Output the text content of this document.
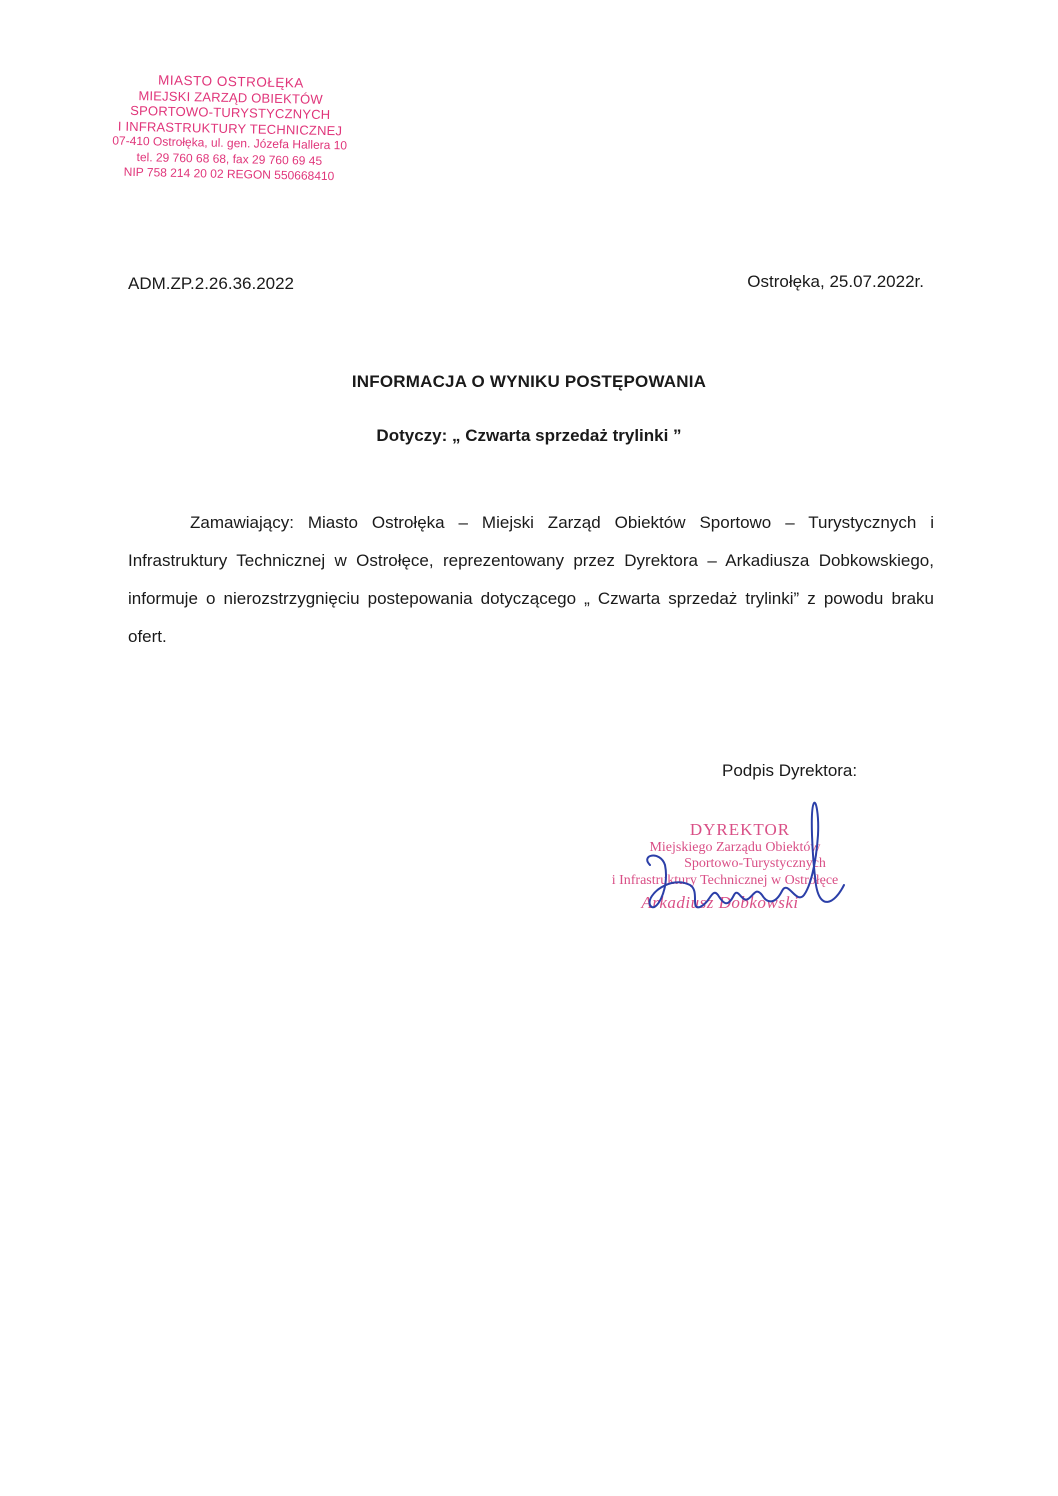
MIASTO OSTROŁĘKA
MIEJSKI ZARZĄD OBIEKTÓW
SPORTOWO-TURYSTYCZNYCH
I INFRASTRUKTURY TECHNICZNEJ
07-410 Ostrołęka, ul. gen. Józefa Hallera 10
tel. 29 760 68 68, fax 29 760 69 45
NIP 758 214 20 02 REGON 550668410
ADM.ZP.2.26.36.2022	Ostrołęka, 25.07.2022r.
INFORMACJA O WYNIKU POSTĘPOWANIA
Dotyczy: „ Czwarta sprzedaż trylinki ”
Zamawiający: Miasto Ostrołęka – Miejski Zarząd Obiektów Sportowo – Turystycznych i Infrastruktury Technicznej w Ostrołęce, reprezentowany przez Dyrektora – Arkadiusza Dobkowskiego, informuje o nierozstrzygnięciu postepowania dotyczącego „ Czwarta sprzedaż trylinki” z powodu braku ofert.
Podpis Dyrektora:
DYREKTOR
Miejskiego Zarządu Obiektów
Sportowo-Turystycznych
i Infrastruktury Technicznej w Ostrołęce
Arkadiusz Dobkowski
